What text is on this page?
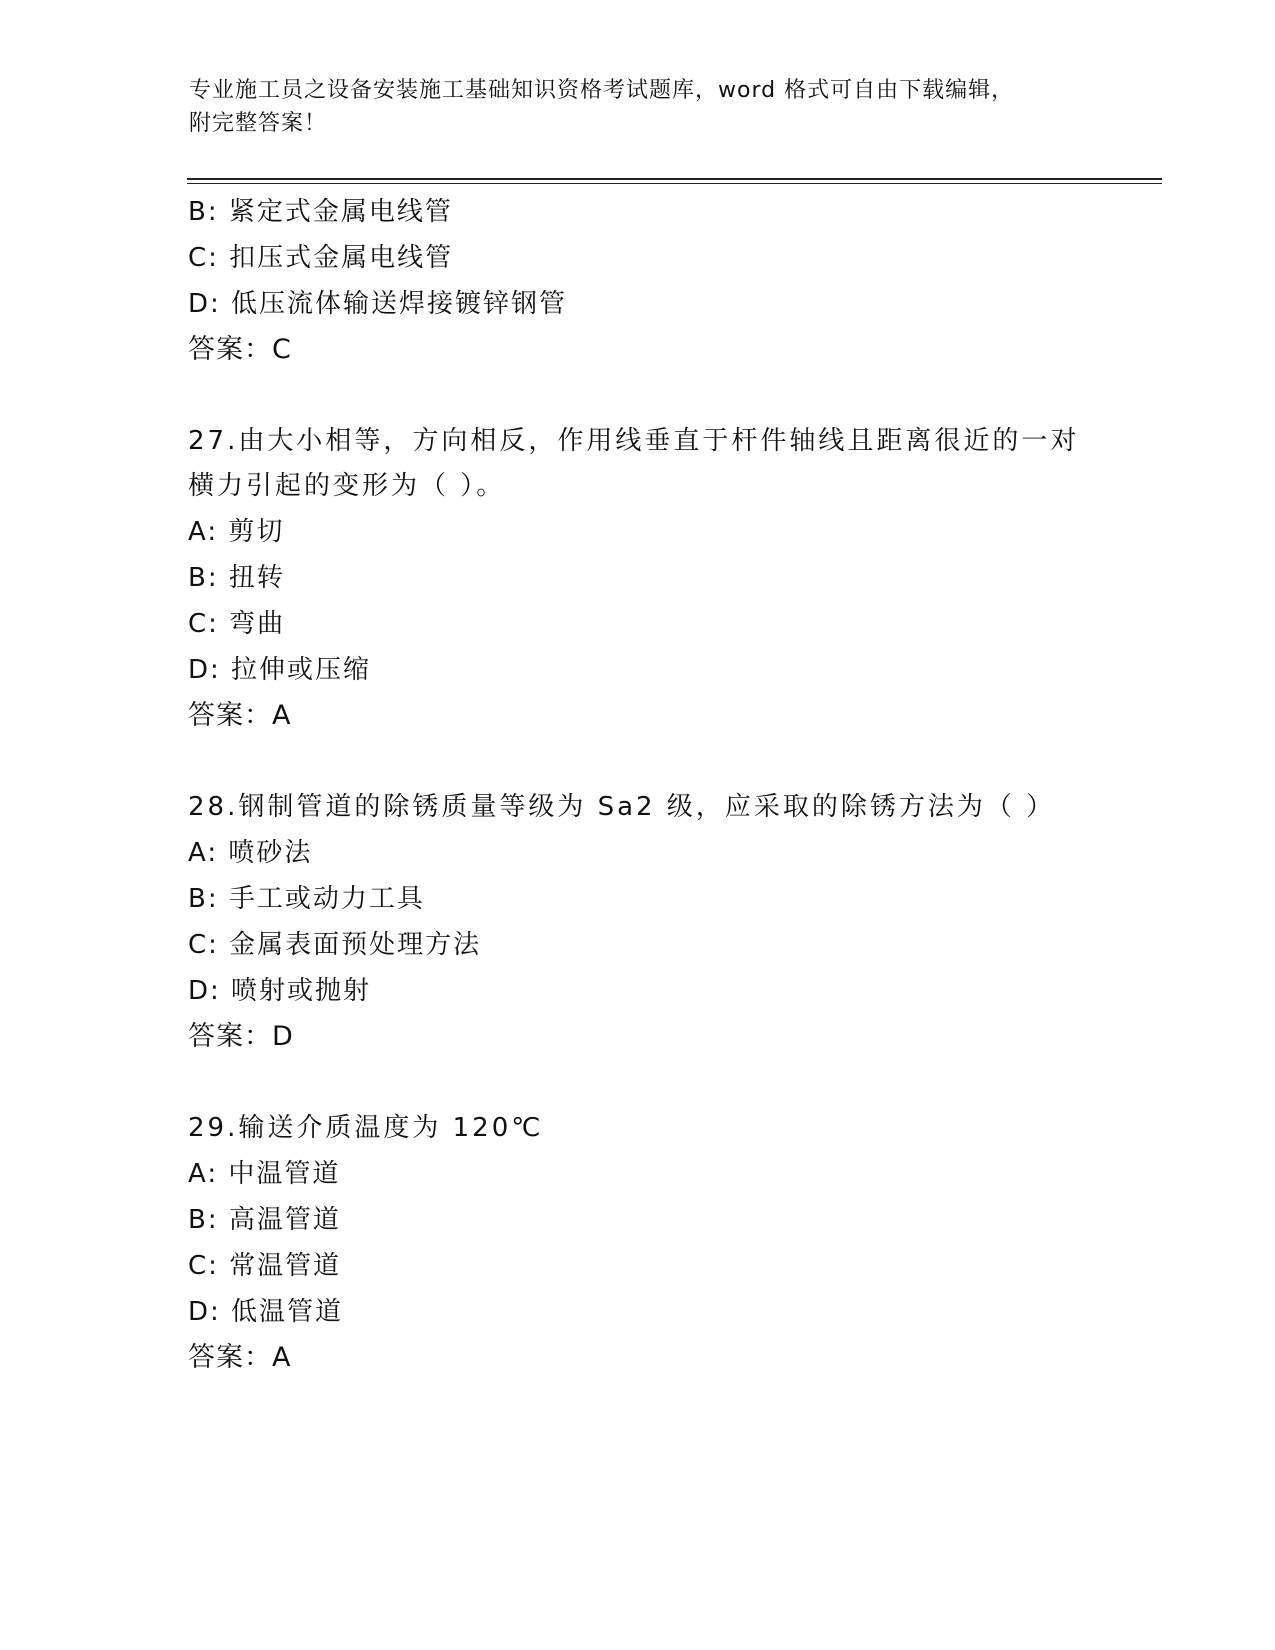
专业施工员之设备安装施工基础知识资格考试题库，word 格式可自由下载编辑，
附完整答案！
B: 紧定式金属电线管
C: 扣压式金属电线管
D: 低压流体输送焊接镀锌钢管
答案：C
27.由大小相等，方向相反，作用线垂直于杆件轴线且距离很近的一对
横力引起的变形为（ ）。
A: 剪切
B: 扭转
C: 弯曲
D: 拉伸或压缩
答案：A
28.钢制管道的除锈质量等级为 Sa2 级，应采取的除锈方法为（ ）
A: 喷砂法
B: 手工或动力工具
C: 金属表面预处理方法
D: 喷射或抛射
答案：D
29.输送介质温度为 120℃
A: 中温管道
B: 高温管道
C: 常温管道
D: 低温管道
答案：A
